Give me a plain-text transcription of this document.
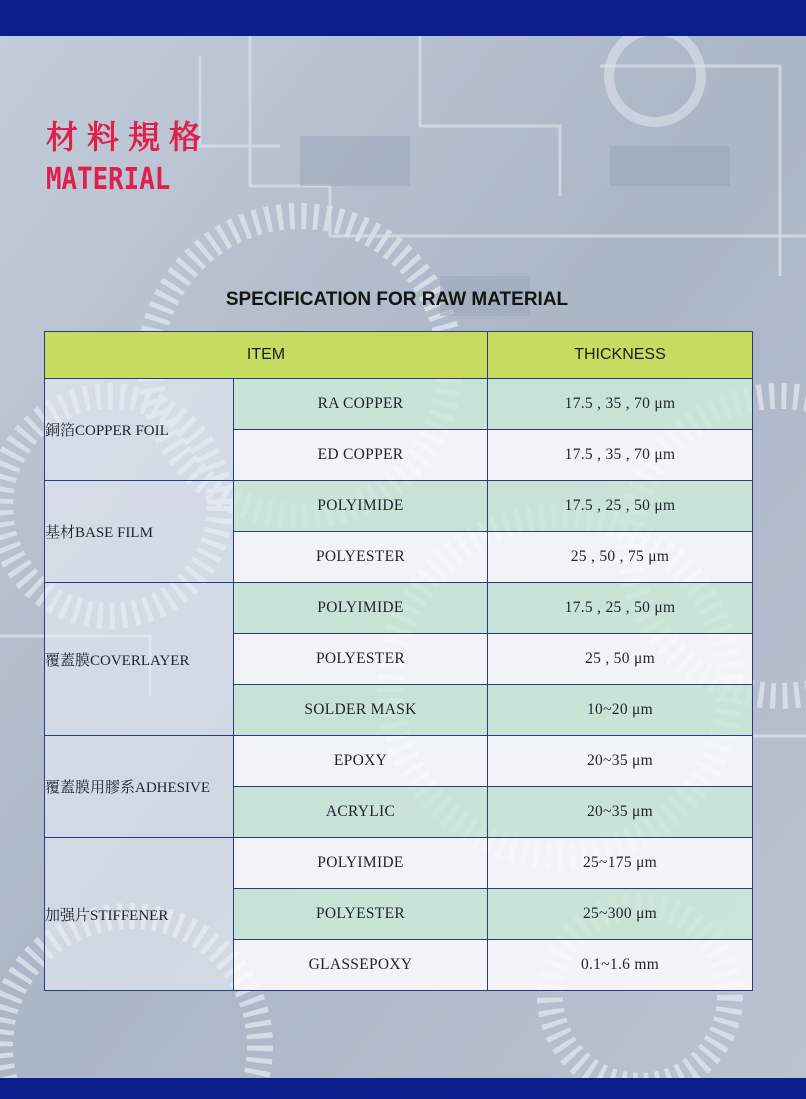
材料規格
MATERIAL
SPECIFICATION FOR RAW MATERIAL
ITEM		THICKNESS
銅箔COPPER FOIL	RA COPPER	17.5 , 35 , 70 μm
	ED COPPER	17.5 , 35 , 70 μm
基材BASE FILM	POLYIMIDE	17.5 , 25 , 50 μm
	POLYESTER	25 , 50 , 75 μm
覆蓋膜COVERLAYER	POLYIMIDE	17.5 , 25 , 50 μm
	POLYESTER	25 , 50 μm
	SOLDER MASK	10~20 μm
覆蓋膜用膠系ADHESIVE	EPOXY	20~35 μm
	ACRYLIC	20~35 μm
加强片STIFFENER	POLYIMIDE	25~175 μm
	POLYESTER	25~300 μm
	GLASSEPOXY	0.1~1.6 mm
